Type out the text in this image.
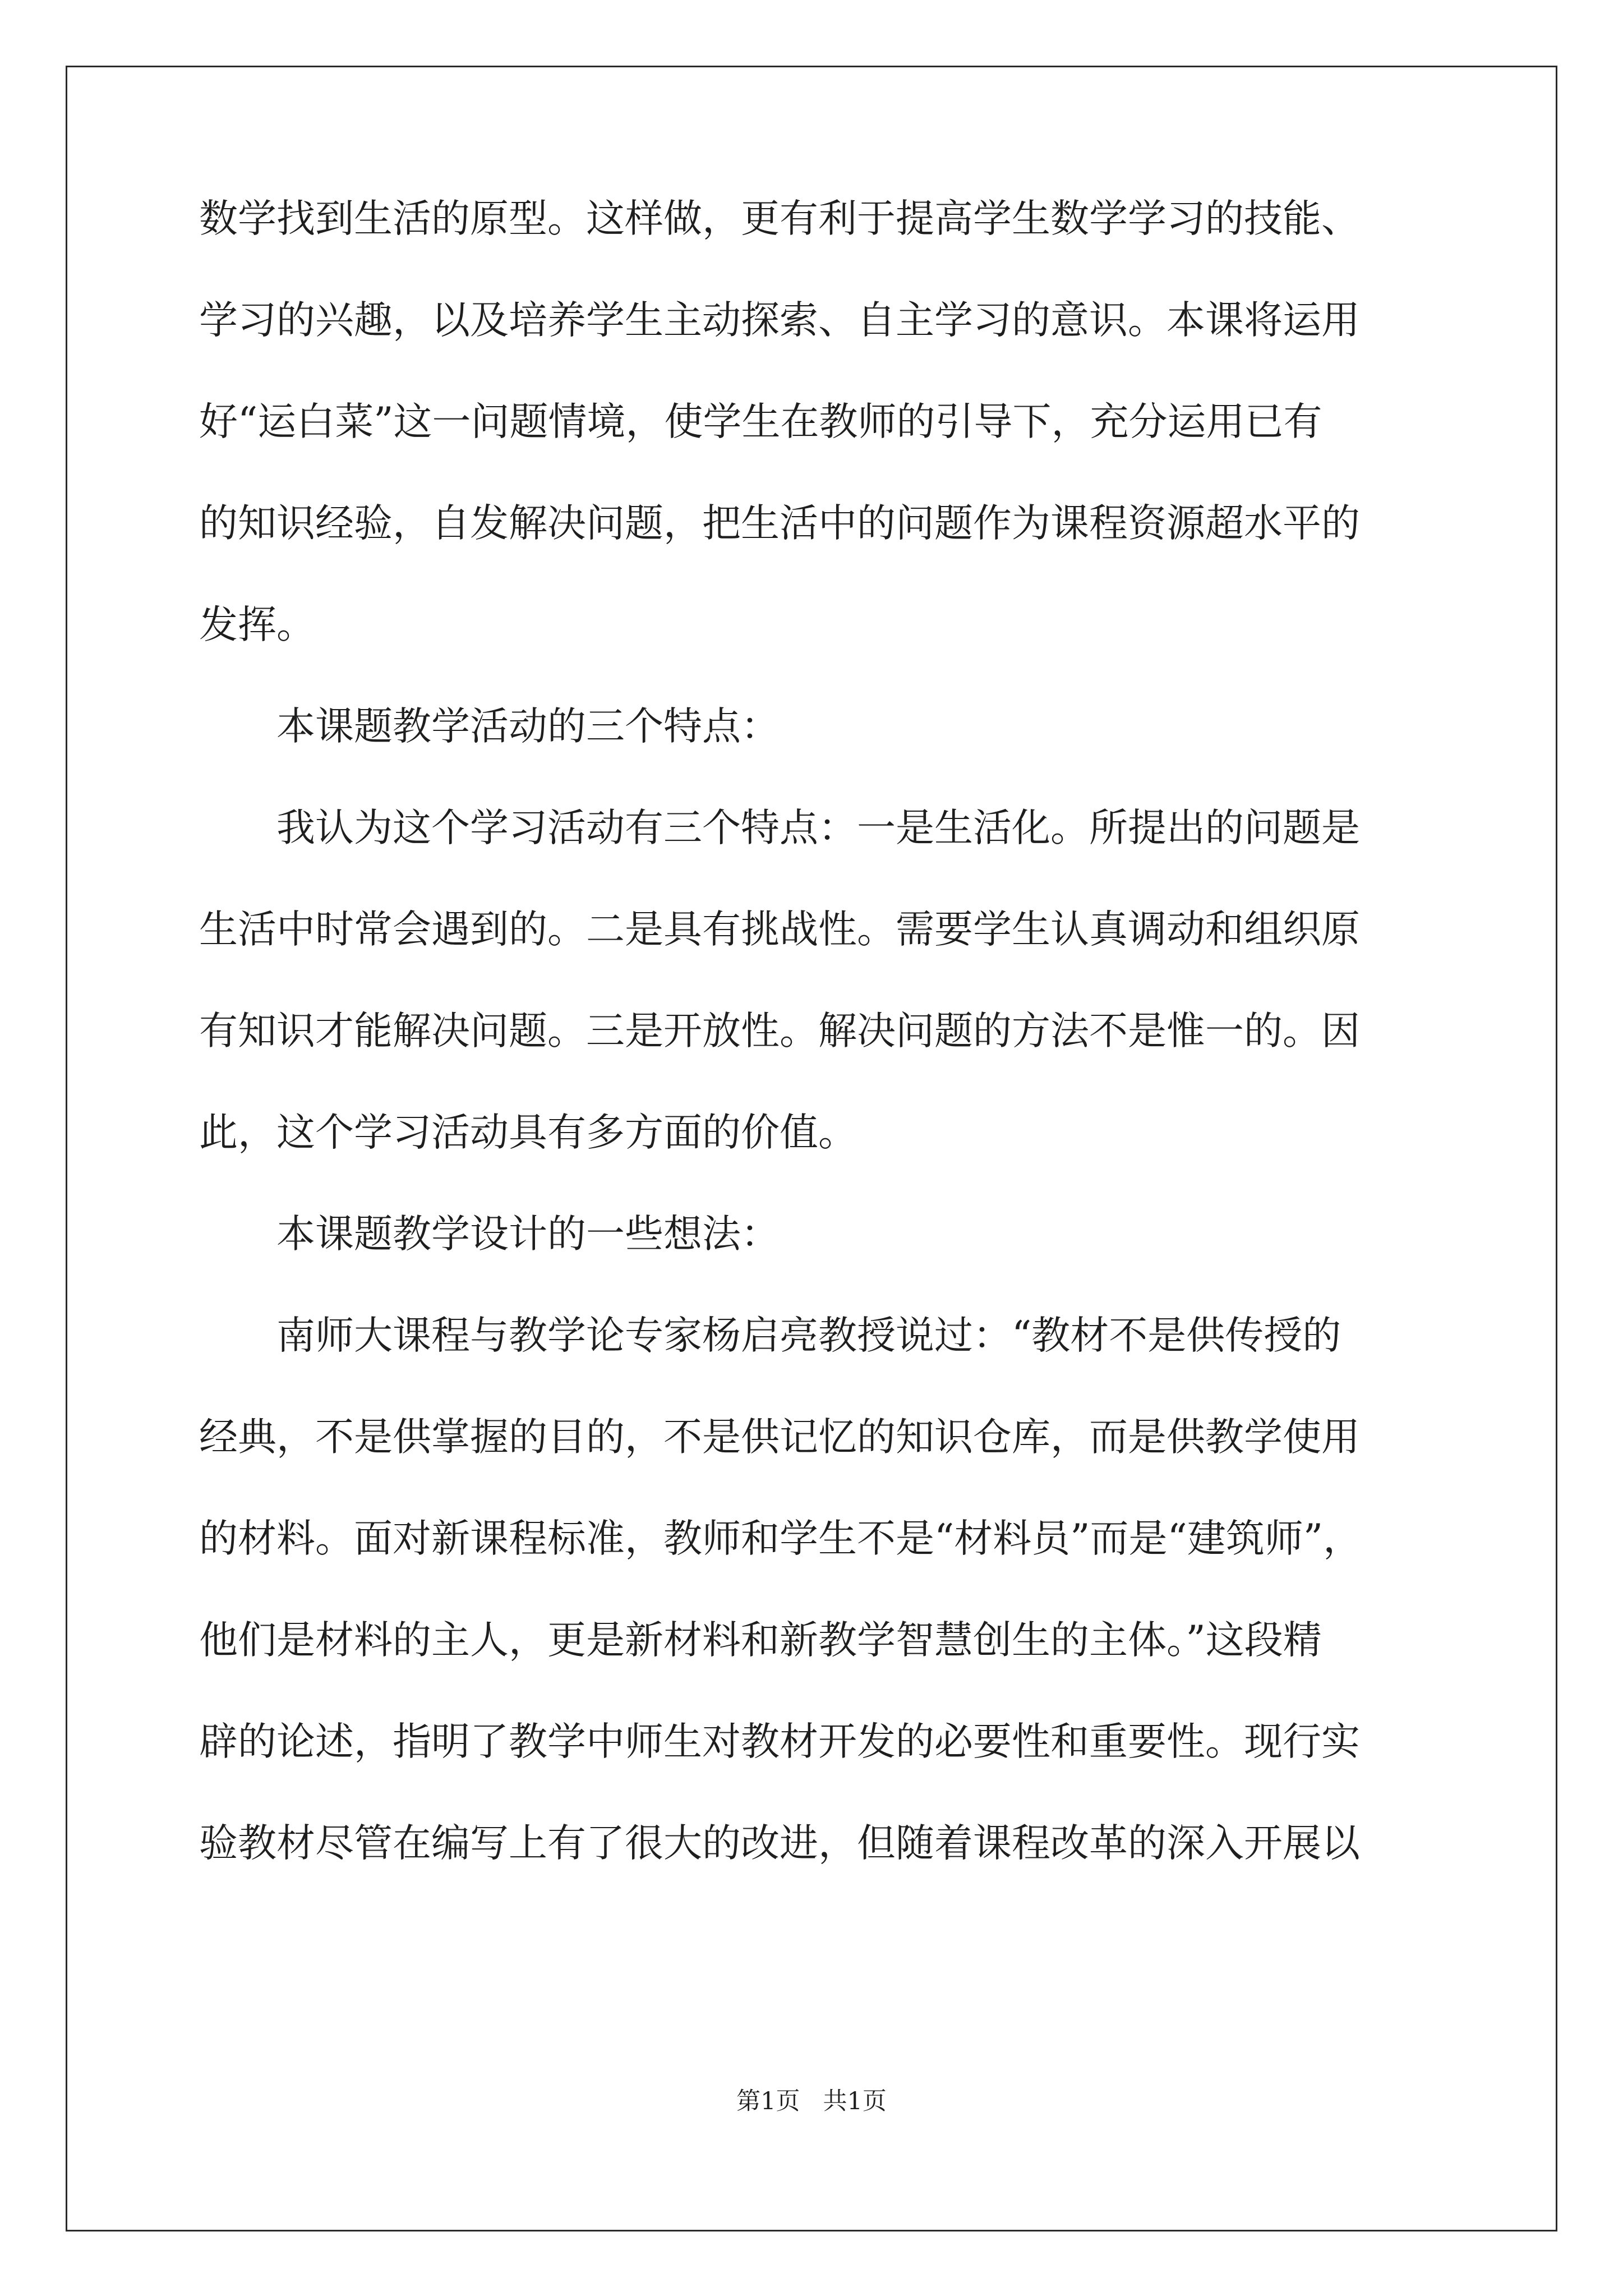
数学找到生活的原型。这样做，更有利于提高学生数学学习的技能、
学习的兴趣，以及培养学生主动探索、自主学习的意识。本课将运用
好“运白菜”这一问题情境，使学生在教师的引导下，充分运用已有
的知识经验，自发解决问题，把生活中的问题作为课程资源超水平的
发挥。
　　本课题教学活动的三个特点：
　　我认为这个学习活动有三个特点：一是生活化。所提出的问题是
生活中时常会遇到的。二是具有挑战性。需要学生认真调动和组织原
有知识才能解决问题。三是开放性。解决问题的方法不是惟一的。因
此，这个学习活动具有多方面的价值。
　　本课题教学设计的一些想法：
　　南师大课程与教学论专家杨启亮教授说过：“教材不是供传授的
经典，不是供掌握的目的，不是供记忆的知识仓库，而是供教学使用
的材料。面对新课程标准，教师和学生不是“材料员”而是“建筑师”，
他们是材料的主人，更是新材料和新教学智慧创生的主体。”这段精
辟的论述，指明了教学中师生对教材开发的必要性和重要性。现行实
验教材尽管在编写上有了很大的改进，但随着课程改革的深入开展以
第1页   共1页
